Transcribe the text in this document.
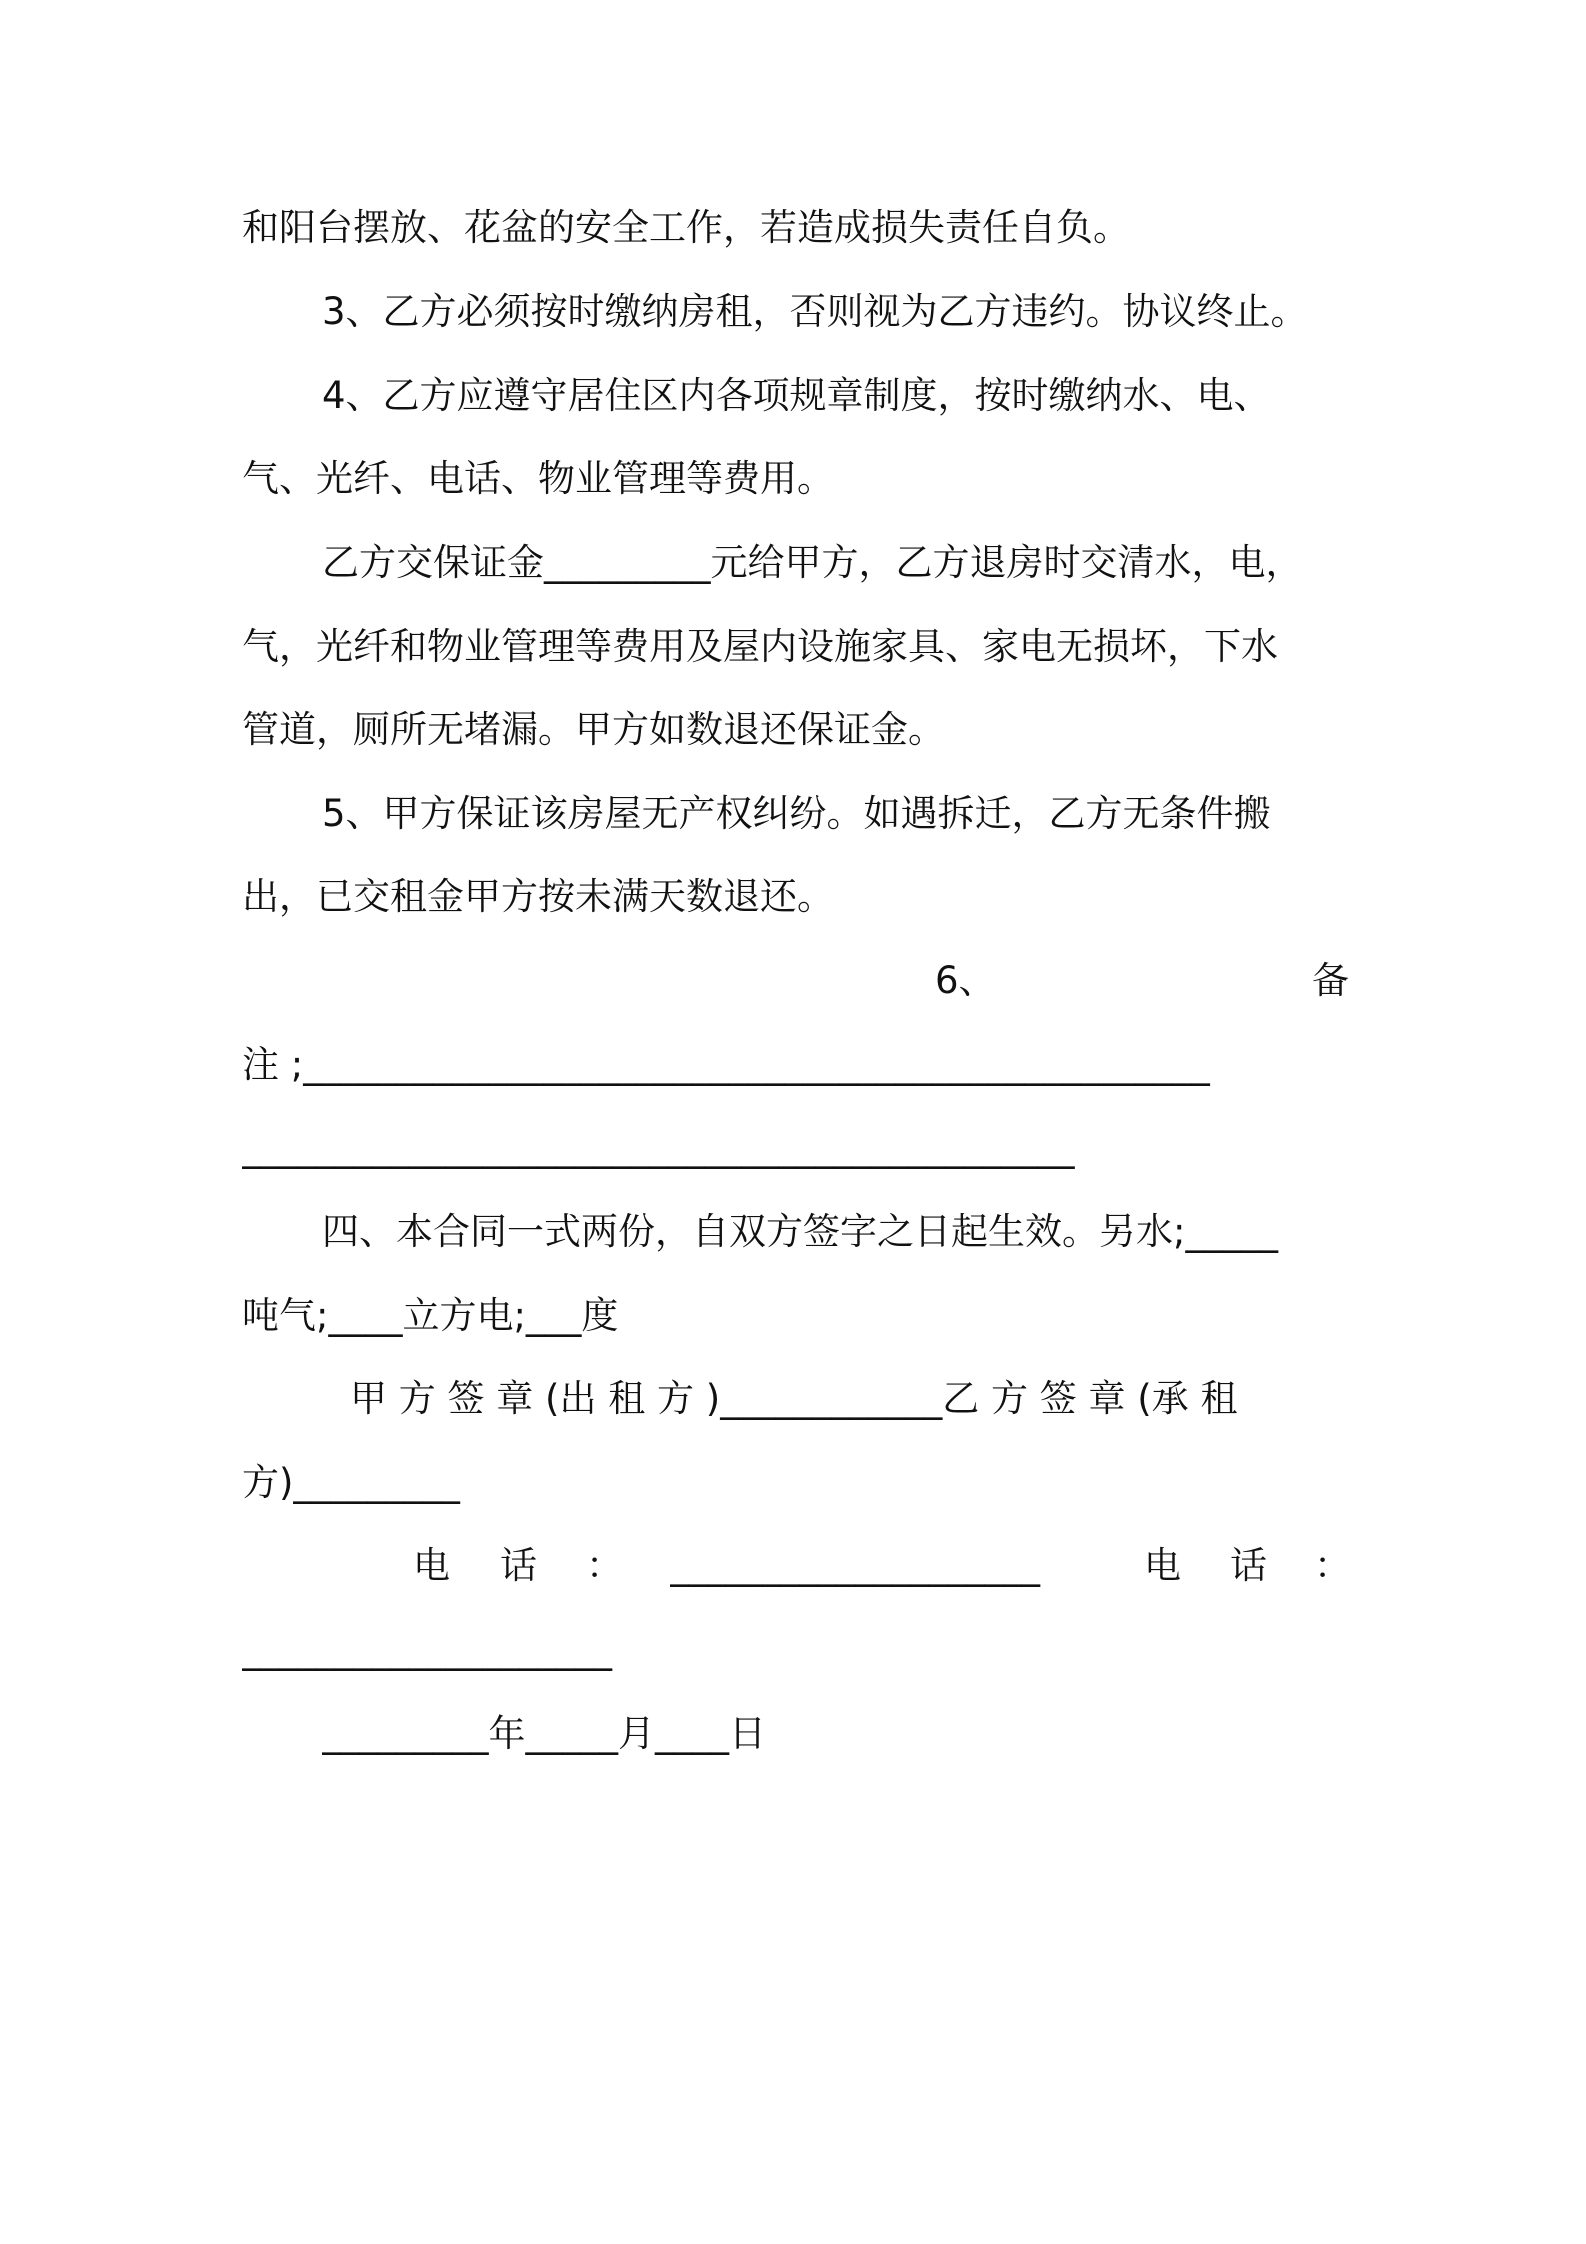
和阳台摆放、花盆的安全工作，若造成损失责任自负。
3、乙方必须按时缴纳房租，否则视为乙方违约。协议终止。
4、乙方应遵守居住区内各项规章制度，按时缴纳水、电、
气、光纤、电话、物业管理等费用。
乙方交保证金_________元给甲方，乙方退房时交清水，电，
气，光纤和物业管理等费用及屋内设施家具、家电无损坏，下水
管道，厕所无堵漏。甲方如数退还保证金。
5、甲方保证该房屋无产权纠纷。如遇拆迁，乙方无条件搬
出，已交租金甲方按未满天数退还。
6、	备
注 ;_________________________________________________
_____________________________________________
四、本合同一式两份，自双方签字之日起生效。另水;_____
吨气;____立方电;___度
甲 方 签 章 (出 租 方 )____________乙 方 签 章 (承 租
方)_________
电	话	：	____________________	电	话	：
____________________
_________年_____月____日
